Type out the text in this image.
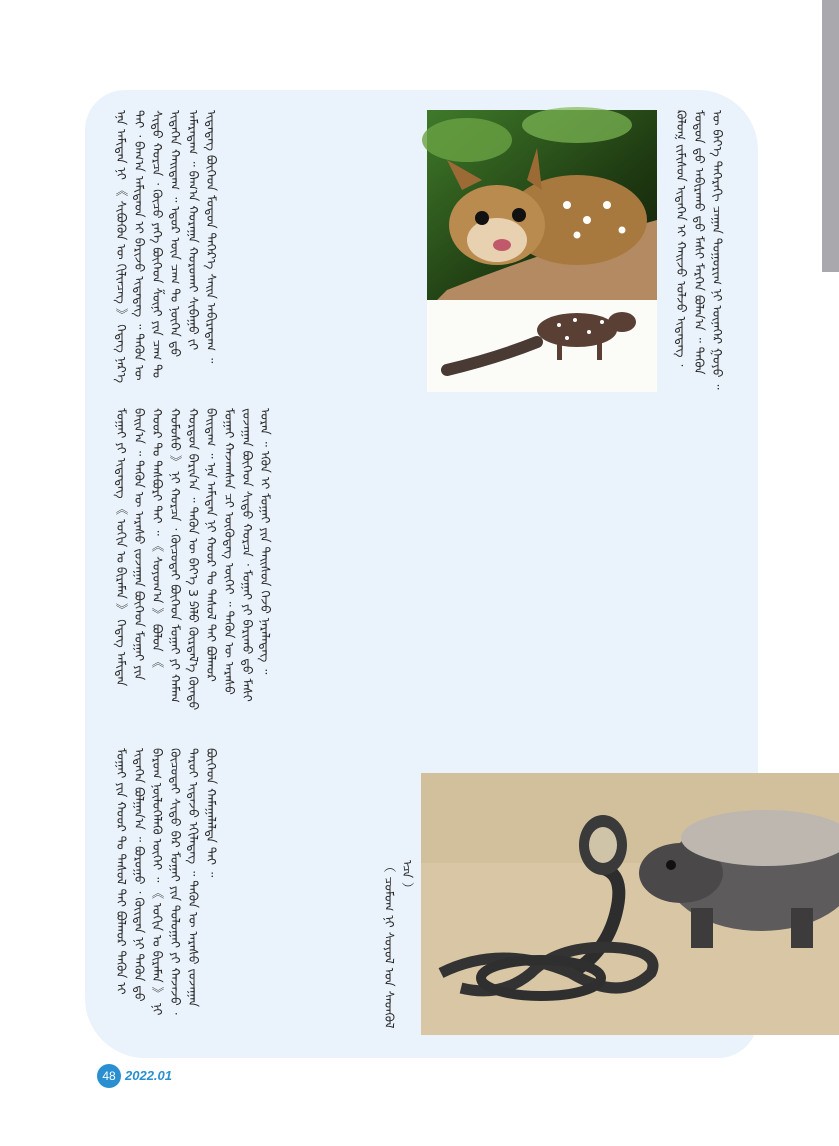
ᠺᠣᠯᠣᠬ᠋ ᠵᠢᠮᠢᠰᠦᠨ ᠢᠳᠡᠭᠡᠨ ᠢ ᠬᠠᠢᠵᠤ ᠣᠯᠵᠤ ᠢᠳᠡᠳᠡᠭ ᠂ ᠮᠣᠳᠣᠨ ᠳ᠋ᠤ ᠠᠪᠢᠷᠠᠬᠤ ᠳ᠋ᠤ ᠮᠠᠰᠢ ᠮᠡᠷᠭᠡᠨ ᠪᠣᠯᠠᠨ᠎ᠠ ᠃ ᠲᠡᠭᠦᠨ ᠦ ᠪᠡᠶ᠎ᠡ ᠳᠡᠭᠡᠷᠡᠬᠢ ᠴᠠᠭᠠᠨ ᠲᠣᠭᠣᠷᠢᠭ ᠨᠢ ᠦᠨᠡᠬᠡᠷ ᠭᠣᠶᠣ ᠃

ᠡᠨᠡ ᠠᠮᠢᠲᠠᠨ ᠨᠢ 《 ᠰᠢᠪᠦᠭᠦᠨ ᠦ ᠬᠢᠯᠢᠨᠴᠡᠭ 》 ᠭᠡᠳᠡᠭ ᠨᠡᠷ᠎ᠡ ᠲᠠᠢ ᠂ ᠪᠠᠭ᠎ᠠ ᠠᠮᠢᠲᠠᠳ ᠢ ᠪᠠᠷᠢᠵᠤ ᠢᠳᠡᠳᠡᠭ ᠃ ᠲᠡᠭᠦᠨ ᠦ ᠰᠢᠳᠦ ᠬᠤᠷᠴᠠ ᠂ ᠬᠦᠴᠦ ᠶᠡᠬᠡ ᠪᠥᠭᠡᠳ ᠱᠥᠨᠢ ᠶᠢᠨ ᠴᠠᠭ ᠲᠤ ᠢᠳᠡᠭᠡᠨ ᠬᠠᠢᠳᠠᠭ ᠃ ᠡᠳᠦᠷ ᠦᠨ ᠴᠠᠭ ᠲᠤ ᠨᠦᠬᠡᠨ ᠳ᠋ᠤ ᠠᠮᠠᠷᠠᠳᠠᠭ ᠃ ᠪᠠᠭ᠎ᠠ ᠬᠤᠷᠠᠭᠠ ᠬᠣᠷᠣᠬᠠᠢ ᠰᠢᠪᠠᠭᠤ ᠵᠢ ᠢᠳᠡᠳᠡᠭ ᠪᠥᠭᠡᠳ ᠮᠣᠳᠣᠨ ᠳᠡᠭᠡᠷ᠎ᠡ ᠰᠠᠢᠨ ᠠᠪᠢᠷᠠᠳᠠᠭ ᠃

ᠮᠣᠭᠠᠢ ᠶᠢ ᠢᠳᠡᠳᠡᠭ 《 ᠣᠬᠢᠨ ᠤ ᠪᠢᠷᠠᠮᠠᠨ 》 ᠭᠡᠳᠡᠭ ᠠᠮᠢᠲᠠᠨ ᠪᠠᠢᠨ᠎ᠠ ᠃ ᠲᠡᠭᠦᠨ ᠦ ᠠᠷᠠᠰᠤ ᠵᠤᠵᠠᠭᠠᠨ ᠪᠥᠭᠡᠳ ᠮᠣᠭᠠᠢ ᠶᠢᠨ ᠬᠣᠣᠷ ᠲᠤ ᠲᠡᠰᠪᠦᠷᠢ ᠲᠠᠢ ᠃ 《 ᠰᠣᠶᠤᠭ᠎ᠠ 》 ᠪᠣᠯᠣᠨ 《 ᠬᠤᠮᠤᠰᠤ 》 ᠨᠢ ᠬᠤᠷᠴᠠ ᠂ ᠬᠦᠴᠦᠲᠡᠢ ᠪᠥᠭᠡᠳ ᠮᠣᠭᠠᠢ ᠶᠢ ᠬᠠᠮᠠᠭ ᠬᠤᠷᠳᠤᠨ ᠪᠠᠷᠢᠨ᠎ᠠ ᠃ ᠲᠡᠭᠦᠨ ᠦ ᠪᠡᠶ᠎ᠡ 3 ᠫᠡᠯᠦ ᠬᠦᠷᠲᠡᠯ᠎ᠡ ᠬᠦᠨᠳᠦ ᠪᠠᠢᠳᠠᠭ ᠃ ᠡᠨᠡ ᠠᠮᠢᠲᠠᠨ ᠨᠢ ᠬᠣᠣᠷ ᠲᠤ ᠳᠠᠰᠤᠯ ᠲᠠᠢ ᠪᠣᠯᠬᠣᠷ ᠮᠣᠭᠠᠢ ᠬᠠᠵᠠᠭᠰᠠᠨ ᠴᠢ ᠦᠬᠦᠳᠡᠭ ᠦᠭᠡᠢ ᠃ ᠲᠡᠭᠦᠨ ᠦ ᠠᠷᠠᠰᠤ ᠵᠤᠵᠠᠭᠠᠨ ᠪᠥᠭᠡᠳ ᠰᠢᠳᠦ ᠬᠤᠷᠴᠠ ᠂ ᠮᠣᠭᠠᠢ ᠶᠢ ᠪᠠᠷᠢᠬᠤ ᠳ᠋ᠤ ᠮᠠᠰᠢ ᠤᠷᠠᠨ ᠃ ᠡᠭᠦᠨ ᠢ ᠮᠣᠭᠠᠢ ᠶᠢᠨ ᠳᠠᠢᠰᠤᠨ ᠭᠡᠵᠦ ᠨᠡᠷᠡᠯᠡᠳᠡᠭ ᠃

ᠮᠣᠭᠠᠢ ᠶᠢᠨ ᠬᠣᠣᠷ ᠲᠤ ᠳᠠᠰᠤᠯ ᠲᠠᠢ ᠪᠣᠯᠬᠣᠷ ᠲᠡᠭᠦᠨ ᠢ ᠢᠳᠡᠭᠡᠨ ᠪᠣᠯᠭᠠᠨ᠎ᠠ ᠃ ᠪᠣᠷᠣᠭᠤ ᠂ ᠬᠦᠢᠲᠡᠨ ᠨᠢ ᠲᠡᠭᠦᠨ ᠳ᠋ᠦ ᠪᠠᠷᠤᠭ ᠨᠥᠯᠦᠭᠡᠯᠡᠬᠦ ᠦᠭᠡᠢ ᠃ 《 ᠣᠬᠢᠨ ᠤ ᠪᠢᠷᠠᠮᠠᠨ 》 ᠨᠢ ᠬᠦᠴᠦᠲᠡᠢ ᠰᠢᠳᠦ ᠪᠠᠷ ᠮᠣᠭᠠᠢ ᠶᠢᠨ ᠲᠣᠯᠣᠭᠠᠢ ᠶᠢ ᠬᠠᠵᠠᠵᠤ ᠂ ᠳᠠᠷᠤᠢ ᠢᠳᠡᠵᠦ ᠡᠬᠢᠯᠡᠳᠡᠭ ᠃ ᠲᠡᠭᠦᠨ ᠦ ᠠᠷᠠᠰᠤ ᠵᠤᠵᠠᠭᠠᠨ ᠪᠥᠭᠡᠳ ᠬᠠᠮᠠᠭᠠᠯᠠᠯᠲᠠ ᠲᠠᠢ ᠃

（ ᠴᠣᠮᠣᠭ ᠨᠢ ᠰᠣᠶᠤᠯ ᠤᠨ ᠰᠡᠳᠭᠦᠯ ᠡᠴᠡ ）

48 2022.01
